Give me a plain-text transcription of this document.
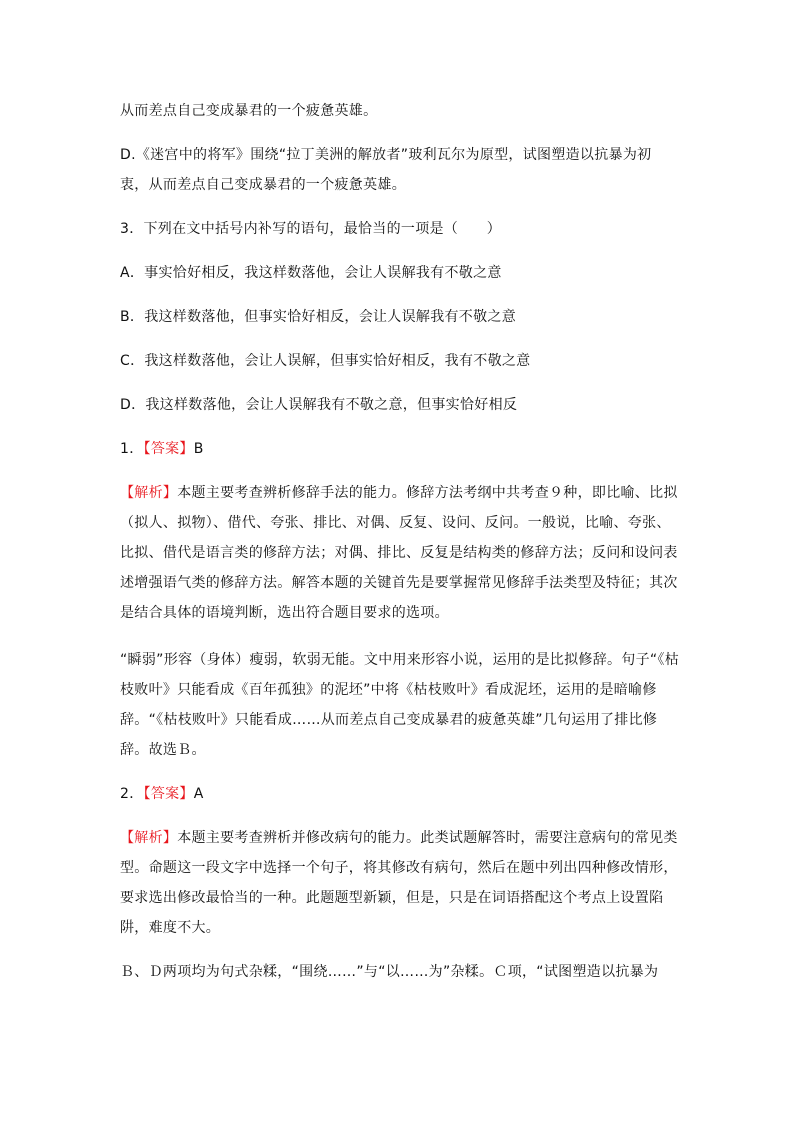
从而差点自己变成暴君的一个疲惫英雄。

D.《迷宫中的将军》围绕“拉丁美洲的解放者”玻利瓦尔为原型，试图塑造以抗暴为初衷，从而差点自己变成暴君的一个疲惫英雄。

3．下列在文中括号内补写的语句，最恰当的一项是（　　）

A．事实恰好相反，我这样数落他，会让人误解我有不敬之意

B．我这样数落他，但事实恰好相反，会让人误解我有不敬之意

C．我这样数落他，会让人误解，但事实恰好相反，我有不敬之意

D．我这样数落他，会让人误解我有不敬之意，但事实恰好相反

1．【答案】B

【解析】本题主要考查辨析修辞手法的能力。修辞方法考纲中共考查９种，即比喻、比拟（拟人、拟物）、借代、夸张、排比、对偶、反复、设问、反问。一般说，比喻、夸张、比拟、借代是语言类的修辞方法；对偶、排比、反复是结构类的修辞方法；反问和设问表述增强语气类的修辞方法。解答本题的关键首先是要掌握常见修辞手法类型及特征；其次是结合具体的语境判断，选出符合题目要求的选项。

“瞬弱”形容（身体）瘦弱，软弱无能。文中用来形容小说，运用的是比拟修辞。句子“《枯枝败叶》只能看成《百年孤独》的泥坯”中将《枯枝败叶》看成泥坯，运用的是暗喻修辞。“《枯枝败叶》只能看成……从而差点自己变成暴君的疲惫英雄”几句运用了排比修辞。故选Ｂ。

2．【答案】A

【解析】本题主要考查辨析并修改病句的能力。此类试题解答时，需要注意病句的常见类型。命题这一段文字中选择一个句子，将其修改有病句，然后在题中列出四种修改情形，要求选出修改最恰当的一种。此题题型新颖，但是，只是在词语搭配这个考点上设置陷阱，难度不大。

Ｂ、Ｄ两项均为句式杂糅，“围绕……”与“以……为”杂糅。Ｃ项，“试图塑造以抗暴为
